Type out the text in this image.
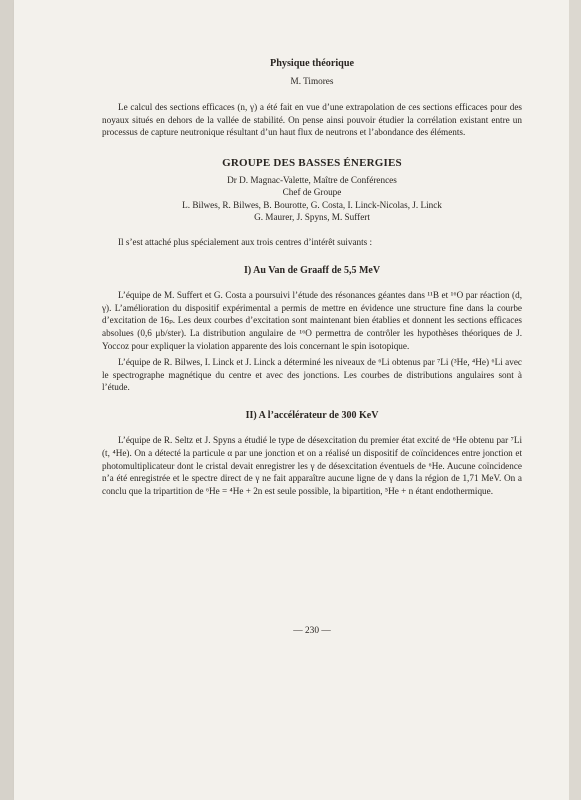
Physique théorique

M. Timores

Le calcul des sections efficaces (n, γ) a été fait en vue d’une extrapolation de ces sections efficaces pour des noyaux situés en dehors de la vallée de stabilité. On pense ainsi pouvoir étudier la corrélation existant entre un processus de capture neutronique résultant d’un haut flux de neutrons et l’abondance des éléments.

GROUPE DES BASSES ÉNERGIES

Dr D. Magnac-Valette, Maître de Conférences

Chef de Groupe

L. Bilwes, R. Bilwes, B. Bourotte, G. Costa, I. Linck-Nicolas, J. Linck

G. Maurer, J. Spyns, M. Suffert

Il s’est attaché plus spécialement aux trois centres d’intérêt suivants :

I) Au Van de Graaff de 5,5 MeV

L’équipe de M. Suffert et G. Costa a poursuivi l’étude des résonances géantes dans ¹¹B et ¹⁶O par réaction (d, γ). L’amélioration du dispositif expérimental a permis de mettre en évidence une structure fine dans la courbe d’excitation de 16ₚ. Les deux courbes d’excitation sont maintenant bien établies et donnent les sections efficaces absolues (0,6 μb/ster). La distribution angulaire de ¹⁶O permettra de contrôler les hypothèses théoriques de J. Yoccoz pour expliquer la violation apparente des lois concernant le spin isotopique.

L’équipe de R. Bilwes, I. Linck et J. Linck a déterminé les niveaux de ⁶Li obtenus par ⁷Li (³He, ⁴He) ⁶Li avec le spectrographe magnétique du centre et avec des jonctions. Les courbes de distributions angulaires sont à l’étude.

II) A l’accélérateur de 300 KeV

L’équipe de R. Seltz et J. Spyns a étudié le type de désexcitation du premier état excité de ⁶He obtenu par ⁷Li (t, ⁴He). On a détecté la particule α par une jonction et on a réalisé un dispositif de coïncidences entre jonction et photomultiplicateur dont le cristal devait enregistrer les γ de désexcitation éventuels de ⁶He. Aucune coïncidence n’a été enregistrée et le spectre direct de γ ne fait apparaître aucune ligne de γ dans la région de 1,71 MeV. On a conclu que la tripartition de ⁶He = ⁴He + 2n est seule possible, la bipartition, ⁵He + n étant endothermique.

— 230 —
